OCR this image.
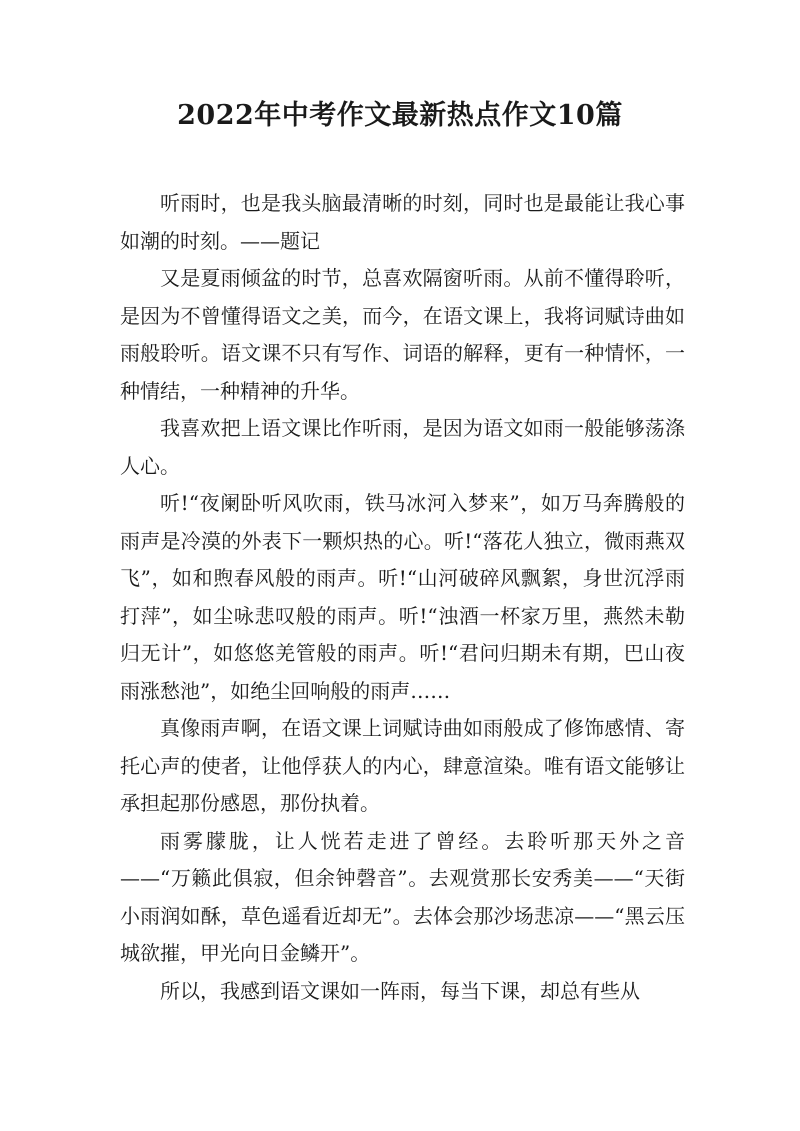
2022年中考作文最新热点作文10篇

听雨时，也是我头脑最清晰的时刻，同时也是最能让我心事如潮的时刻。——题记

又是夏雨倾盆的时节，总喜欢隔窗听雨。从前不懂得聆听，是因为不曾懂得语文之美，而今，在语文课上，我将词赋诗曲如雨般聆听。语文课不只有写作、词语的解释，更有一种情怀，一种情结，一种精神的升华。

我喜欢把上语文课比作听雨，是因为语文如雨一般能够荡涤人心。

听!“夜阑卧听风吹雨，铁马冰河入梦来”，如万马奔腾般的雨声是冷漠的外表下一颗炽热的心。听!“落花人独立，微雨燕双飞”，如和煦春风般的雨声。听!“山河破碎风飘絮，身世沉浮雨打萍”，如尘咏悲叹般的雨声。听!“浊酒一杯家万里，燕然未勒归无计”，如悠悠羌管般的雨声。听!“君问归期未有期，巴山夜雨涨愁池”，如绝尘回响般的雨声……

真像雨声啊，在语文课上词赋诗曲如雨般成了修饰感情、寄托心声的使者，让他俘获人的内心，肆意渲染。唯有语文能够让承担起那份感恩，那份执着。

雨雾朦胧，让人恍若走进了曾经。去聆听那天外之音——“万籁此俱寂，但余钟磬音”。去观赏那长安秀美——“天街小雨润如酥，草色遥看近却无”。去体会那沙场悲凉——“黑云压城欲摧，甲光向日金鳞开”。

所以，我感到语文课如一阵雨，每当下课，却总有些从
